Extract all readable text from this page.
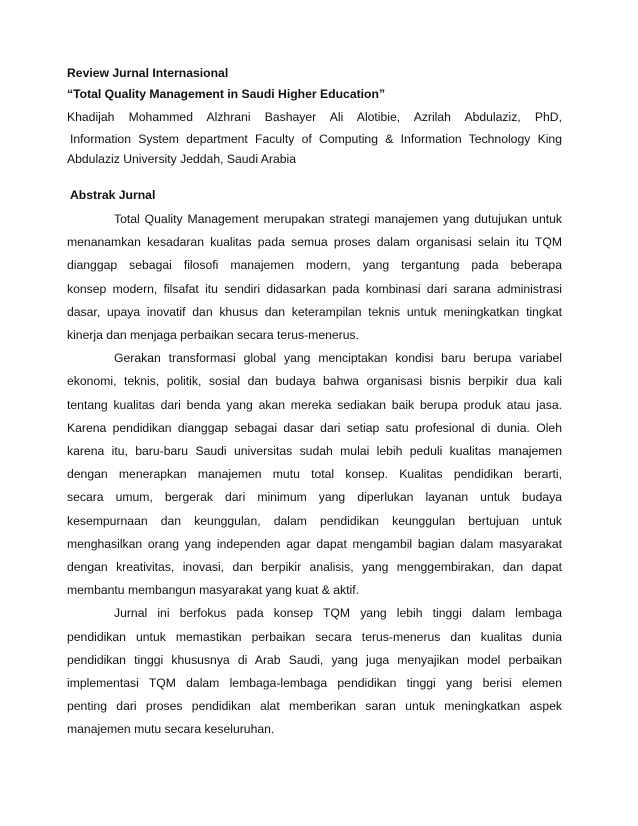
Review Jurnal Internasional
“Total Quality Management in Saudi Higher Education”
Khadijah Mohammed Alzhrani Bashayer Ali Alotibie, Azrilah Abdulaziz, PhD,
Information System department Faculty of Computing & Information Technology King
Abdulaziz University Jeddah, Saudi Arabia
Abstrak Jurnal
Total Quality Management merupakan strategi manajemen yang dutujukan untuk
menanamkan kesadaran kualitas pada semua proses dalam organisasi selain itu TQM
dianggap sebagai filosofi manajemen modern, yang tergantung pada beberapa
konsep modern, filsafat itu sendiri didasarkan pada kombinasi dari sarana administrasi
dasar, upaya inovatif dan khusus dan keterampilan teknis untuk meningkatkan tingkat
kinerja dan menjaga perbaikan secara terus-menerus.
Gerakan transformasi global yang menciptakan kondisi baru berupa variabel
ekonomi, teknis, politik, sosial dan budaya bahwa organisasi bisnis berpikir dua kali
tentang kualitas dari benda yang akan mereka sediakan baik berupa produk atau jasa.
Karena pendidikan dianggap sebagai dasar dari setiap satu profesional di dunia. Oleh
karena itu, baru-baru Saudi universitas sudah mulai lebih peduli kualitas manajemen
dengan menerapkan manajemen mutu total konsep. Kualitas pendidikan berarti,
secara umum, bergerak dari minimum yang diperlukan layanan untuk budaya
kesempurnaan dan keunggulan, dalam pendidikan keunggulan bertujuan untuk
menghasilkan orang yang independen agar dapat mengambil bagian dalam masyarakat
dengan kreativitas, inovasi, dan berpikir analisis, yang menggembirakan, dan dapat
membantu membangun masyarakat yang kuat & aktif.
Jurnal ini berfokus pada konsep TQM yang lebih tinggi dalam lembaga
pendidikan untuk memastikan perbaikan secara terus-menerus dan kualitas dunia
pendidikan tinggi khususnya di Arab Saudi, yang juga menyajikan model perbaikan
implementasi TQM dalam lembaga-lembaga pendidikan tinggi yang berisi elemen
penting dari proses pendidikan alat memberikan saran untuk meningkatkan aspek
manajemen mutu secara keseluruhan.
